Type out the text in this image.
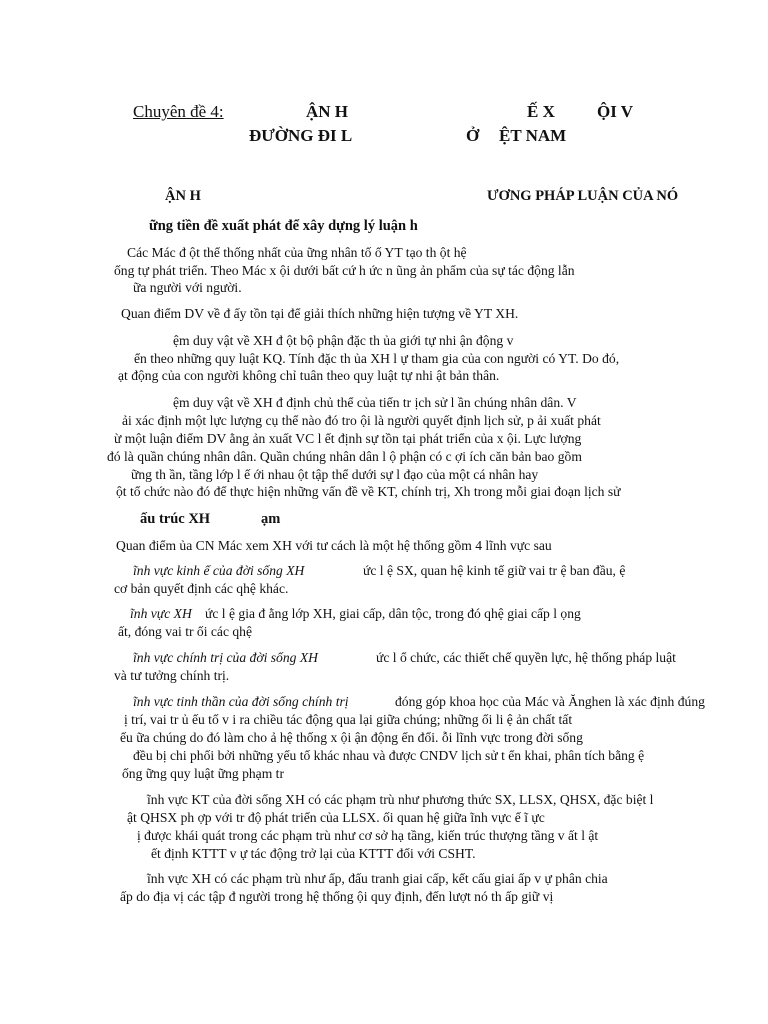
Chuyên đề 4:	ẬN H	Ế X ỘI V
ĐƯỜNG ĐI L	Ở ỆT NAM
ẬN H	ƯƠNG PHÁP LUẬN CỦA NÓ
ững tiền đề xuất phát để xây dựng lý luận h
Các Mác đ ột thể thống nhất của ững nhân tố ố YT tạo th ột hệ
ống tự phát triển. Theo Mác x ội dưới bất cứ h ức n ũng ản phẩm của sự tác động lẫn
ữa người với người.
Quan điểm DV về đ ấy tồn tại để giải thích những hiện tượng về YT XH.
ệm duy vật về XH đ ột bộ phận đặc th ủa giới tự nhi ận động v
ển theo những quy luật KQ. Tính đặc th ủa XH l ự tham gia của con người có YT. Do đó,
ạt động của con người không chỉ tuân theo quy luật tự nhi ật bản thân.
ệm duy vật về XH đ định chủ thể của tiến tr ịch sử l ần chúng nhân dân. V
ải xác định một lực lượng cụ thể nào đó tro ội là người quyết định lịch sử, p ải xuất phát
ừ một luận điểm DV ằng ản xuất VC l ết định sự tồn tại phát triển của x ội. Lực lượng
đó là quần chúng nhân dân. Quần chúng nhân dân l ộ phận có c ợi ích căn bản bao gồm
ững th ần, tầng lớp l ế ới nhau ột tập thể dưới sự l đạo của một cá nhân hay
ột tổ chức nào đó để thực hiện những vấn đề về KT, chính trị, Xh trong mỗi giai đoạn lịch sử
ấu trúc XH	ạm
Quan điểm ủa CN Mác xem XH với tư cách là một hệ thống gồm 4 lĩnh vực sau
ĩnh vực kinh ế của đời sống XH	ức l ệ SX, quan hệ kinh tế giữ vai tr ệ ban đầu, ệ
cơ bản quyết định các qhệ khác.
ĩnh vực XH ức l ệ gia đ ằng lớp XH, giai cấp, dân tộc, trong đó qhệ giai cấp l ọng
ất, đóng vai tr ối các qhệ
ĩnh vực chính trị của đời sống XH	ức l ổ chức, các thiết chế quyền lực, hệ thống pháp luật
và tư tưởng chính trị.
ĩnh vực tinh thần của đời sống chính trị	đóng góp khoa học của Mác và Ănghen là xác định đúng
ị trí, vai tr ủ ếu tố v i ra chiều tác động qua lại giữa chúng; những ối li ệ ản chất tất
ếu ữa chúng do đó làm cho ả hệ thống x ội ận động ến đổi. ỗi lĩnh vực trong đời sống
đều bị chi phối bởi những yếu tố khác nhau và được CNDV lịch sử t ển khai, phân tích bằng ệ
ống ững quy luật ững phạm tr
ĩnh vực KT của đời sống XH có các phạm trù như phương thức SX, LLSX, QHSX, đặc biệt l
ật QHSX ph ợp với tr độ phát triển của LLSX. ối quan hệ giữa ĩnh vực ế ĩ ực
ị được khái quát trong các phạm trù như cơ sở hạ tầng, kiến trúc thượng tầng v ất l ật
ết định KTTT v ự tác động trở lại của KTTT đối với CSHT.
ĩnh vực XH có các phạm trù như ấp, đấu tranh giai cấp, kết cấu giai ấp v ự phân chia
ấp do địa vị các tập đ người trong hệ thống ội quy định, đến lượt nó th ấp giữ vị
